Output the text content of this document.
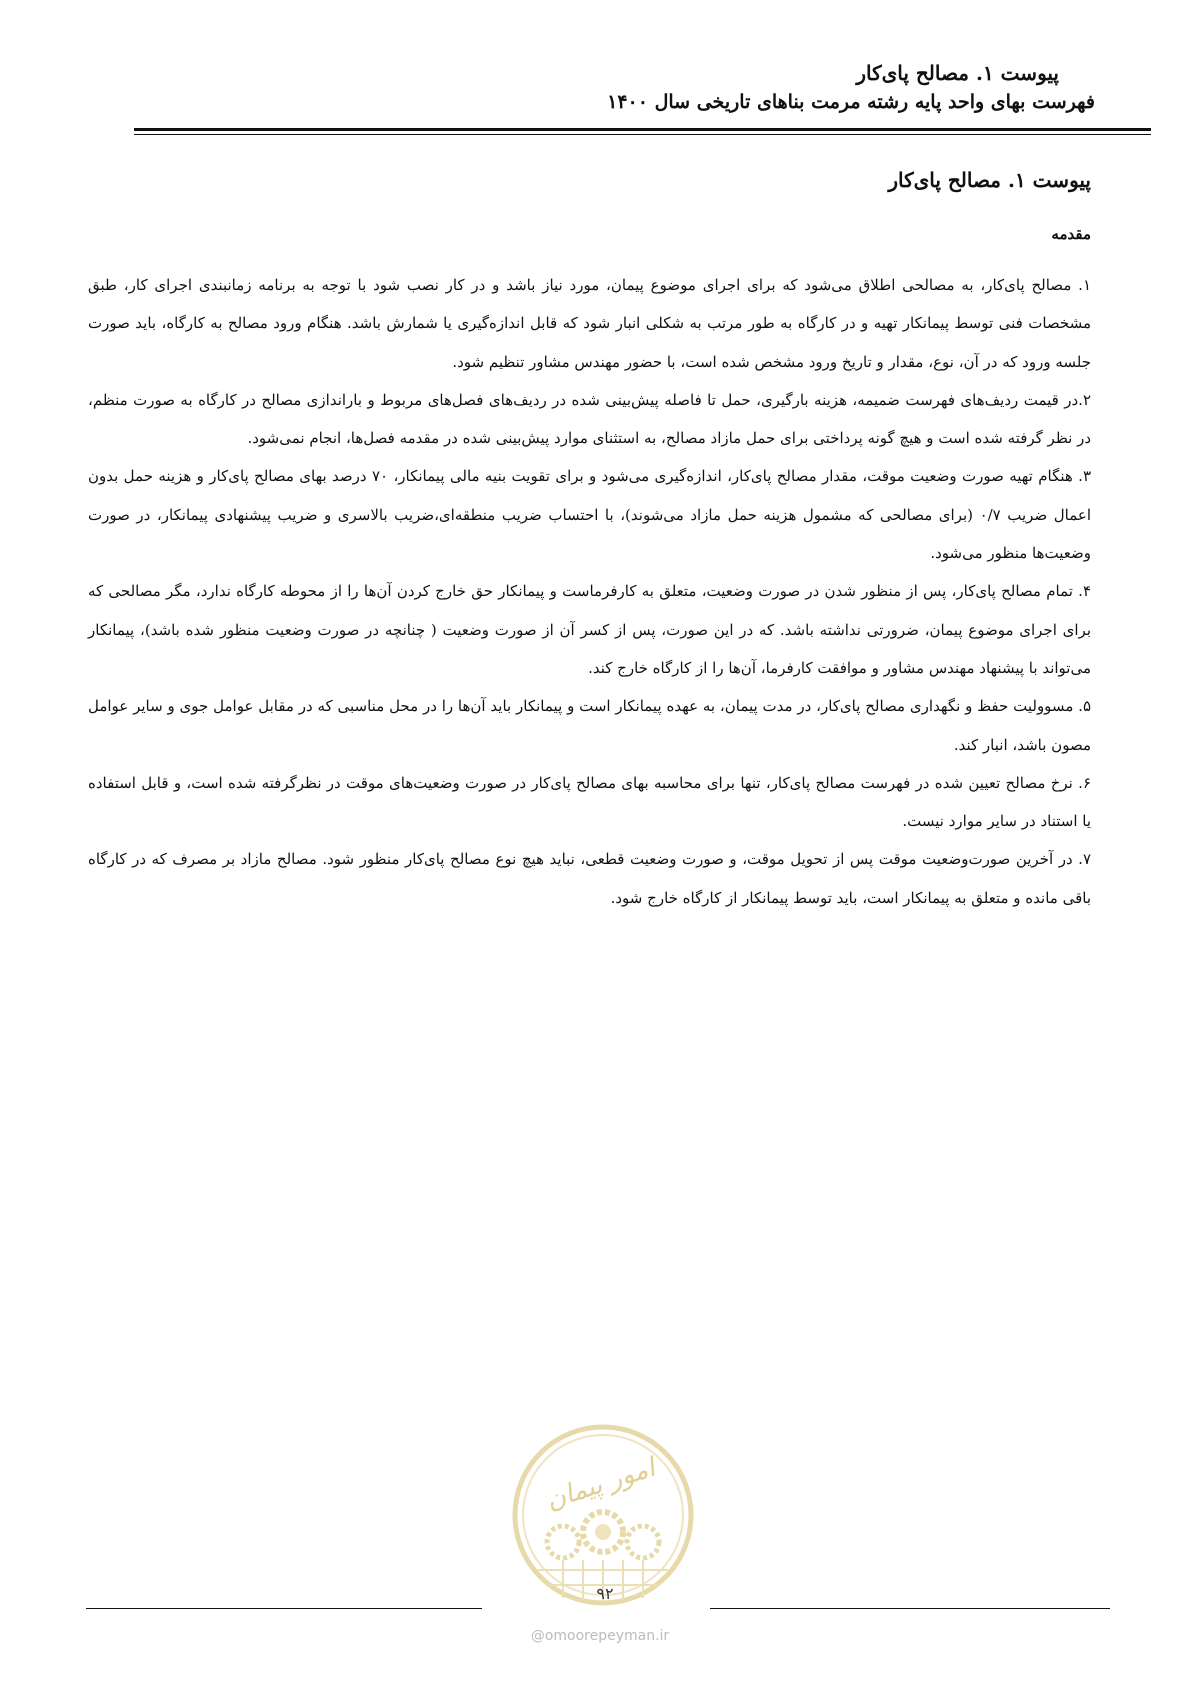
پیوست ۱. مصالح پای‌کار
فهرست بهای واحد پایه رشته مرمت بناهای تاریخی سال ۱۴۰۰
پیوست ۱. مصالح پای‌کار
مقدمه

۱. مصالح پای‌کار، به مصالحی اطلاق می‌شود که برای اجرای موضوع پیمان، مورد نیاز باشد و در کار نصب شود با توجه به برنامه زمانبندی اجرای کار، طبق مشخصات فنی توسط پیمانکار تهیه و در کارگاه به طور مرتب به شکلی انبار شود که قابل اندازه‌گیری یا شمارش باشد. هنگام ورود مصالح به کارگاه، باید صورت جلسه ورود که در آن، نوع، مقدار و تاریخ ورود مشخص شده است، با حضور مهندس مشاور تنظیم شود.

۲.در قیمت ردیف‌های فهرست ضمیمه، هزینه بارگیری، حمل تا فاصله پیش‌بینی شده در ردیف‌های فصل‌های مربوط و باراندازی مصالح در کارگاه به صورت منظم، در نظر گرفته شده است و هیچ گونه پرداختی برای حمل مازاد مصالح، به استثنای موارد پیش‌بینی شده در مقدمه فصل‌ها، انجام نمی‌شود.

۳. هنگام تهیه صورت وضعیت موقت، مقدار مصالح پای‌کار، اندازه‌گیری می‌شود و برای تقویت بنیه مالی پیمانکار، ۷۰ درصد بهای مصالح پای‌کار و هزینه حمل بدون اعمال ضریب ۰/۷ (برای مصالحی که مشمول هزینه حمل مازاد می‌شوند)، با احتساب ضریب منطقه‌ای،ضریب بالاسری و ضریب پیشنهادی پیمانکار، در صورت وضعیت‌ها منظور می‌شود.

۴. تمام مصالح پای‌کار، پس از منظور شدن در صورت وضعیت، متعلق به کارفرماست و پیمانکار حق خارج کردن آن‌ها را از محوطه کارگاه ندارد، مگر مصالحی که برای اجرای موضوع پیمان، ضرورتی نداشته باشد. که در این صورت، پس از کسر آن از صورت وضعیت ( چنانچه در صورت وضعیت منظور شده باشد)، پیمانکار می‌تواند با پیشنهاد مهندس مشاور و موافقت کارفرما، آن‌ها را از کارگاه خارج کند.

۵. مسوولیت حفظ و نگهداری مصالح پای‌کار، در مدت پیمان، به عهده پیمانکار است و پیمانکار باید آن‌ها را در محل مناسبی که در مقابل عوامل جوی و سایر عوامل مصون باشد، انبار کند.

۶. نرخ مصالح تعیین شده در فهرست مصالح پای‌کار، تنها برای محاسبه بهای مصالح پای‌کار در صورت وضعیت‌های موقت در نظرگرفته شده است، و قابل استفاده یا استناد در سایر موارد نیست.

۷. در آخرین صورت‌وضعیت موقت پس از تحویل موقت، و صورت وضعیت قطعی، نباید هیچ نوع مصالح پای‌کار منظور شود. مصالح مازاد بر مصرف که در کارگاه باقی مانده و متعلق به پیمانکار است، باید توسط پیمانکار از کارگاه خارج شود.

امور پیمان
۹۲
@omoorepeyman.ir
